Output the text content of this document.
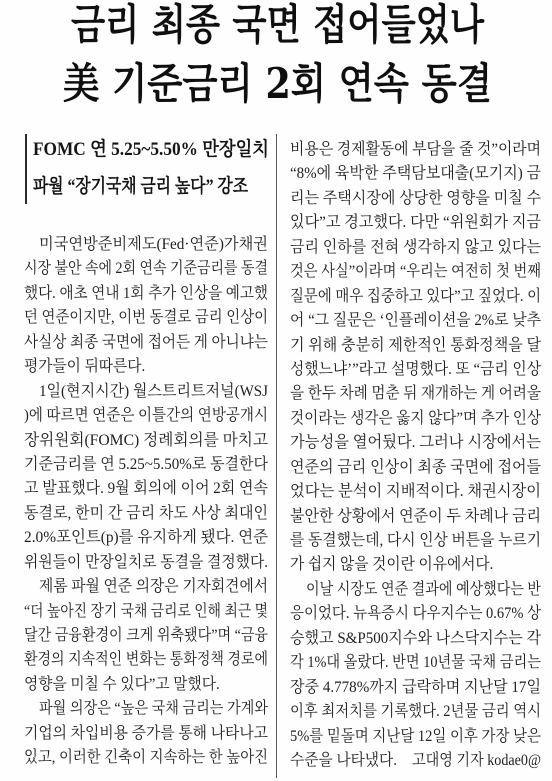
금리 최종 국면 접어들었나
美 기준금리 2회 연속 동결
FOMC 연 5.25~5.50% 만장일치
파월 “장기국채 금리 높다” 강조
미국연방준비제도(Fed·연준)가채권
시장 불안 속에 2회 연속 기준금리를 동결
했다. 애초 연내 1회 추가 인상을 예고했
던 연준이지만, 이번 동결로 금리 인상이
사실상 최종 국면에 접어든 게 아니냐는
평가들이 뒤따른다.
1일(현지시간) 월스트리트저널(WSJ
)에 따르면 연준은 이틀간의 연방공개시
장위원회(FOMC) 정례회의를 마치고
기준금리를 연 5.25~5.50%로 동결한다
고 발표했다. 9월 회의에 이어 2회 연속
동결로, 한미 간 금리 차도 사상 최대인
2.0%포인트(p)를 유지하게 됐다. 연준
위원들이 만장일치로 동결을 결정했다.
제롬 파월 연준 의장은 기자회견에서
“더 높아진 장기 국채 금리로 인해 최근 몇
달간 금융환경이 크게 위축됐다”며 “금융
환경의 지속적인 변화는 통화정책 경로에
영향을 미칠 수 있다”고 말했다.
파월 의장은 “높은 국채 금리는 가계와
기업의 차입비용 증가를 통해 나타나고
있고, 이러한 긴축이 지속하는 한 높아진
비용은 경제활동에 부담을 줄 것”이라며
“8%에 육박한 주택담보대출(모기지) 금
리는 주택시장에 상당한 영향을 미칠 수
있다”고 경고했다. 다만 “위원회가 지금
금리 인하를 전혀 생각하지 않고 있다는
것은 사실”이라며 “우리는 여전히 첫 번째
질문에 매우 집중하고 있다”고 짚었다. 이
어 “그 질문은 ‘인플레이션을 2%로 낮추
기 위해 충분히 제한적인 통화정책을 달
성했느냐’”라고 설명했다. 또 “금리 인상
을 한두 차례 멈춘 뒤 재개하는 게 어려울
것이라는 생각은 옳지 않다”며 추가 인상
가능성을 열어뒀다. 그러나 시장에서는
연준의 금리 인상이 최종 국면에 접어들
었다는 분석이 지배적이다. 채권시장이
불안한 상황에서 연준이 두 차례나 금리
를 동결했는데, 다시 인상 버튼을 누르기
가 쉽지 않을 것이란 이유에서다.
이날 시장도 연준 결과에 예상했다는 반
응이었다. 뉴욕증시 다우지수는 0.67% 상
승했고 S&P500지수와 나스닥지수는 각
각 1%대 올랐다. 반면 10년물 국채 금리는
장중 4.778%까지 급락하며 지난달 17일
이후 최저치를 기록했다. 2년물 금리 역시
5%를 밑돌며 지난달 12일 이후 가장 낮은
수준을 나타냈다. 고대영 기자 kodae0@
